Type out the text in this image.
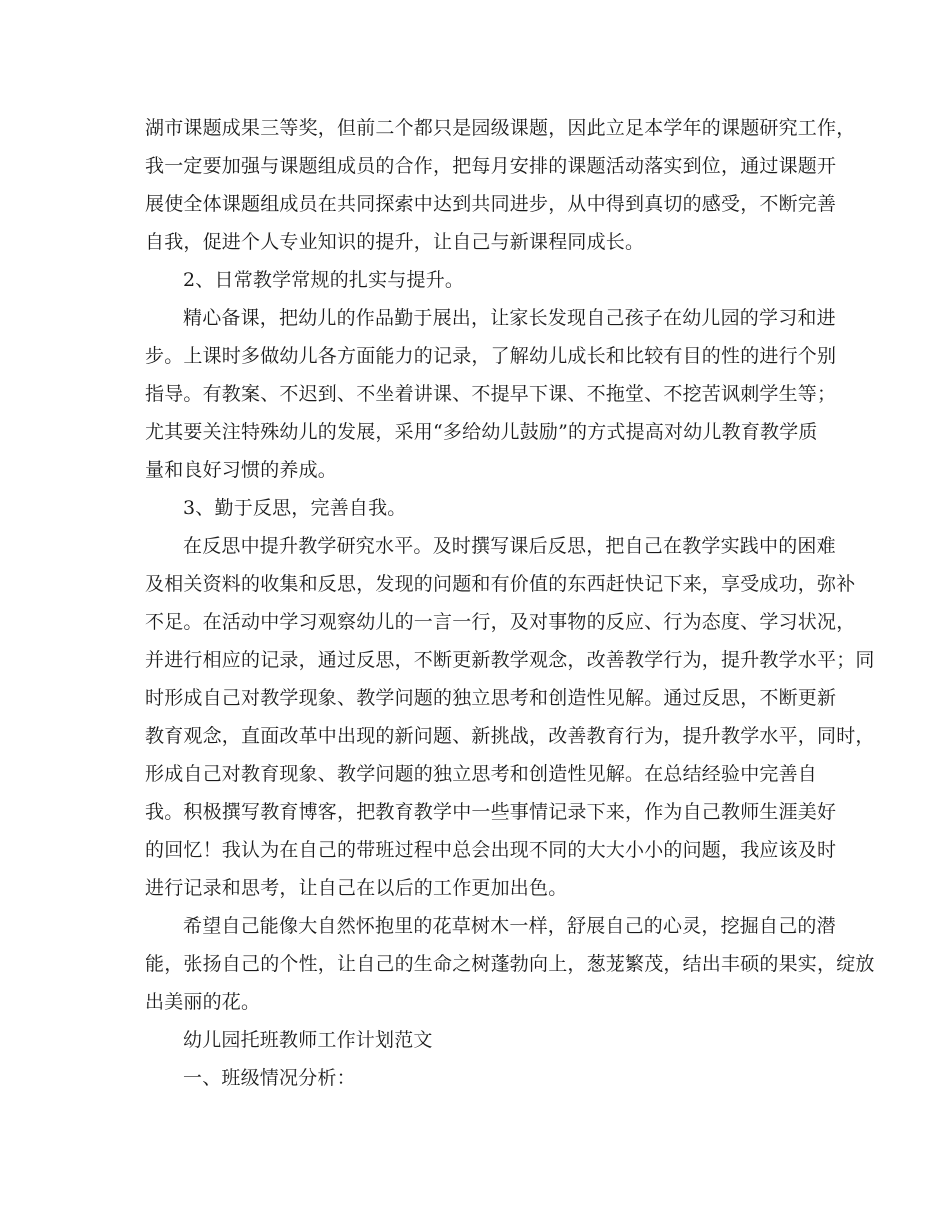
湖市课题成果三等奖，但前二个都只是园级课题，因此立足本学年的课题研究工作，
我一定要加强与课题组成员的合作，把每月安排的课题活动落实到位，通过课题开
展使全体课题组成员在共同探索中达到共同进步，从中得到真切的感受，不断完善
自我，促进个人专业知识的提升，让自己与新课程同成长。
2、日常教学常规的扎实与提升。
精心备课，把幼儿的作品勤于展出，让家长发现自己孩子在幼儿园的学习和进
步。上课时多做幼儿各方面能力的记录，了解幼儿成长和比较有目的性的进行个别
指导。有教案、不迟到、不坐着讲课、不提早下课、不拖堂、不挖苦讽刺学生等；
尤其要关注特殊幼儿的发展，采用“多给幼儿鼓励”的方式提高对幼儿教育教学质
量和良好习惯的养成。
3、勤于反思，完善自我。
在反思中提升教学研究水平。及时撰写课后反思，把自己在教学实践中的困难
及相关资料的收集和反思，发现的问题和有价值的东西赶快记下来，享受成功，弥补
不足。在活动中学习观察幼儿的一言一行，及对事物的反应、行为态度、学习状况，
并进行相应的记录，通过反思，不断更新教学观念，改善教学行为，提升教学水平；同
时形成自己对教学现象、教学问题的独立思考和创造性见解。通过反思，不断更新
教育观念，直面改革中出现的新问题、新挑战，改善教育行为，提升教学水平，同时，
形成自己对教育现象、教学问题的独立思考和创造性见解。在总结经验中完善自
我。积极撰写教育博客，把教育教学中一些事情记录下来，作为自己教师生涯美好
的回忆！我认为在自己的带班过程中总会出现不同的大大小小的问题，我应该及时
进行记录和思考，让自己在以后的工作更加出色。
希望自己能像大自然怀抱里的花草树木一样，舒展自己的心灵，挖掘自己的潜
能，张扬自己的个性，让自己的生命之树蓬勃向上，葱茏繁茂，结出丰硕的果实，绽放
出美丽的花。
幼儿园托班教师工作计划范文
一、班级情况分析：
